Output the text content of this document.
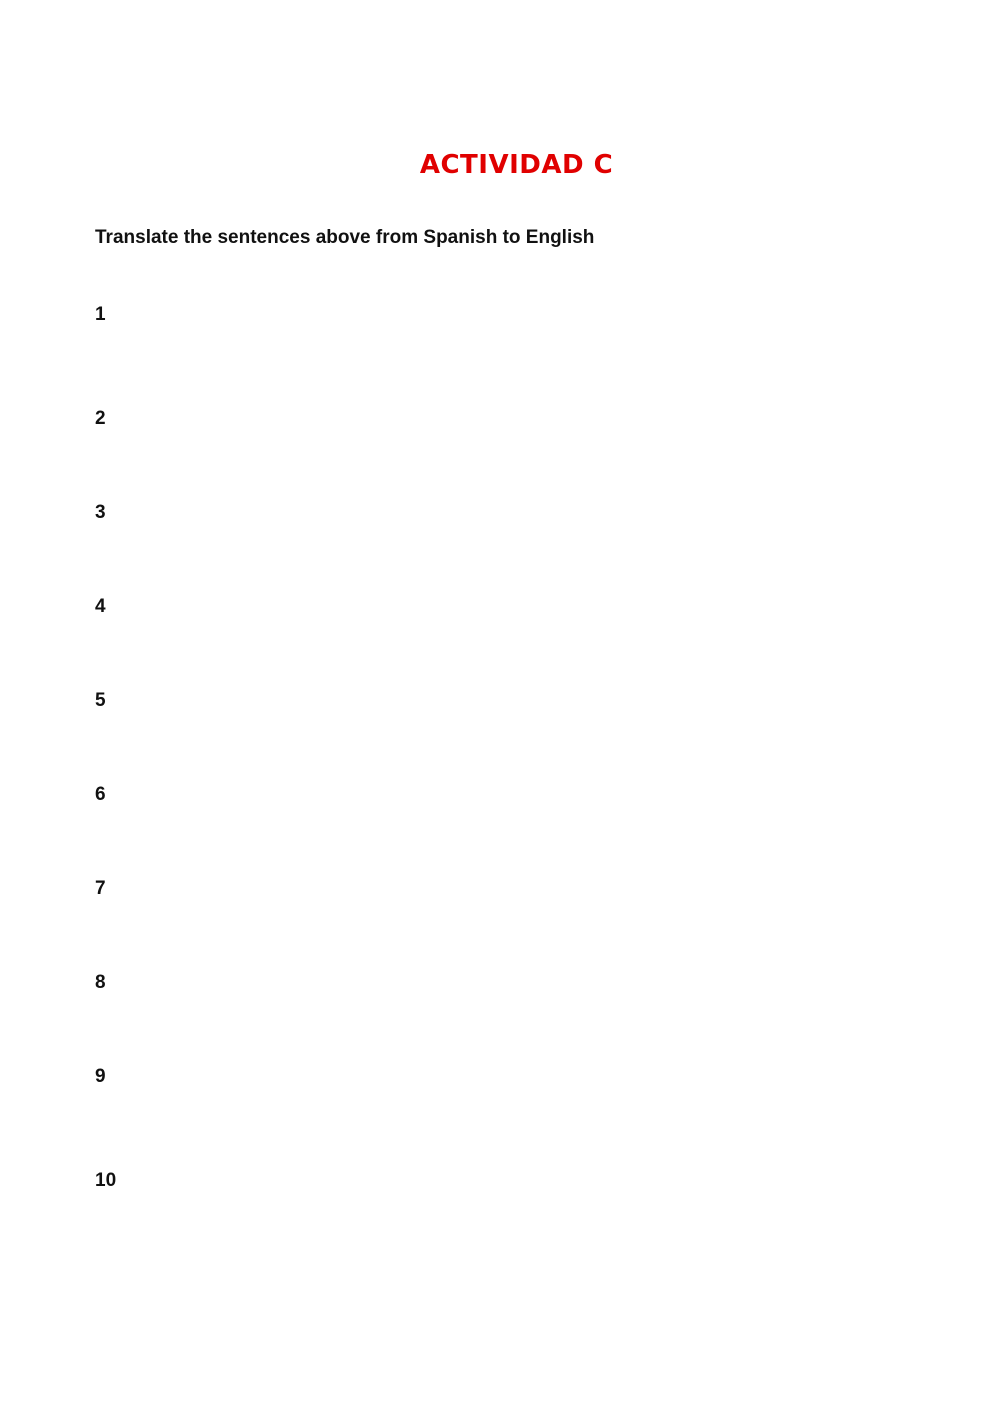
ACTIVIDAD C

Translate the sentences above from Spanish to English

1
2
3
4
5
6
7
8
9
10
